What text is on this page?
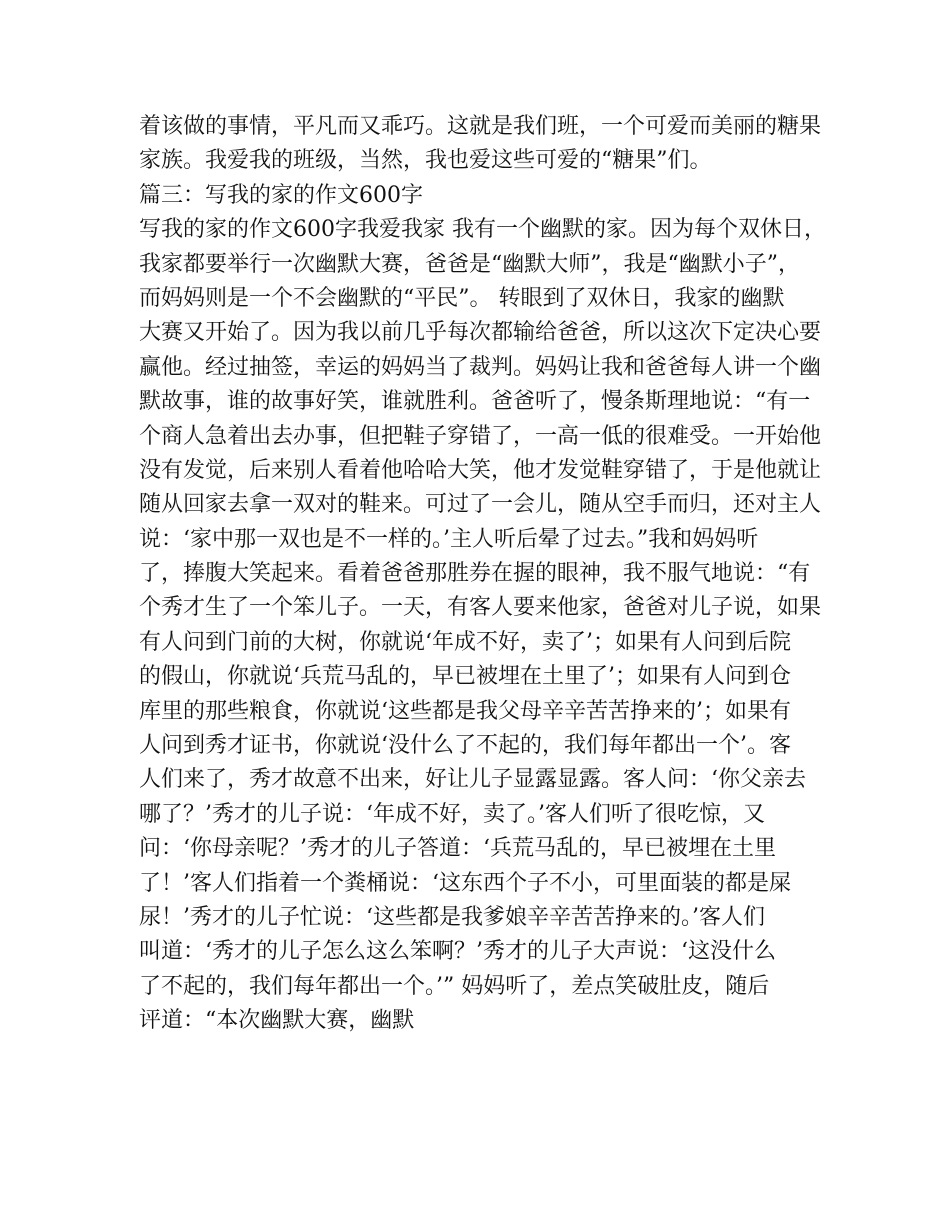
着该做的事情，平凡而又乖巧。这就是我们班，一个可爱而美丽的糖果
家族。我爱我的班级，当然，我也爱这些可爱的“糖果”们。
篇三：写我的家的作文600字
写我的家的作文600字我爱我家 我有一个幽默的家。因为每个双休日，
我家都要举行一次幽默大赛，爸爸是“幽默大师”，我是“幽默小子”，
而妈妈则是一个不会幽默的“平民”。 转眼到了双休日，我家的幽默
大赛又开始了。因为我以前几乎每次都输给爸爸，所以这次下定决心要
赢他。经过抽签，幸运的妈妈当了裁判。妈妈让我和爸爸每人讲一个幽
默故事，谁的故事好笑，谁就胜利。爸爸听了，慢条斯理地说：“有一
个商人急着出去办事，但把鞋子穿错了，一高一低的很难受。一开始他
没有发觉，后来别人看着他哈哈大笑，他才发觉鞋穿错了，于是他就让
随从回家去拿一双对的鞋来。可过了一会儿，随从空手而归，还对主人
说：‘家中那一双也是不一样的。’主人听后晕了过去。”我和妈妈听
了，捧腹大笑起来。看着爸爸那胜券在握的眼神，我不服气地说：“有
个秀才生了一个笨儿子。一天，有客人要来他家，爸爸对儿子说，如果
有人问到门前的大树，你就说‘年成不好，卖了’；如果有人问到后院
的假山，你就说‘兵荒马乱的，早已被埋在土里了’；如果有人问到仓
库里的那些粮食，你就说‘这些都是我父母辛辛苦苦挣来的’；如果有
人问到秀才证书，你就说‘没什么了不起的，我们每年都出一个’。客
人们来了，秀才故意不出来，好让儿子显露显露。客人问：‘你父亲去
哪了？’秀才的儿子说：‘年成不好，卖了。’客人们听了很吃惊，又
问：‘你母亲呢？’秀才的儿子答道：‘兵荒马乱的，早已被埋在土里
了！’客人们指着一个粪桶说：‘这东西个子不小，可里面装的都是屎
尿！’秀才的儿子忙说：‘这些都是我爹娘辛辛苦苦挣来的。’客人们
叫道：‘秀才的儿子怎么这么笨啊？’秀才的儿子大声说：‘这没什么
了不起的，我们每年都出一个。’” 妈妈听了，差点笑破肚皮，随后
评道：“本次幽默大赛，幽默
